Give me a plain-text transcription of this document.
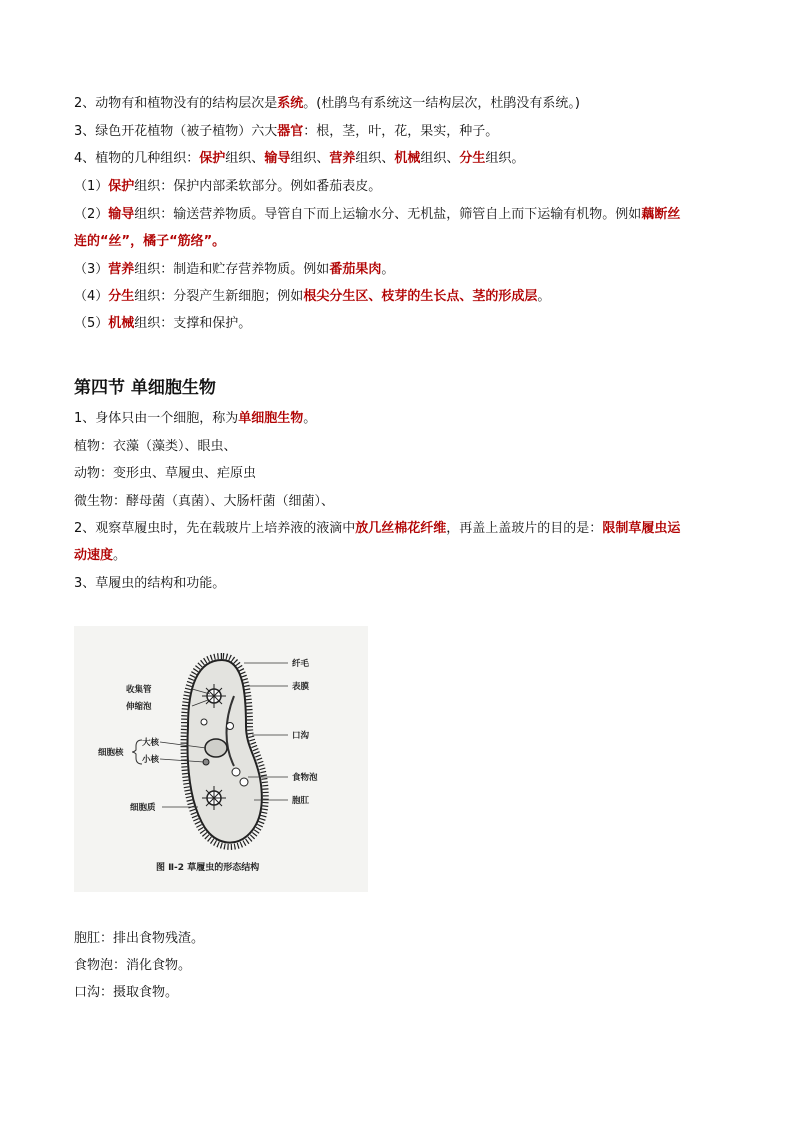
2、动物有和植物没有的结构层次是系统。(杜鹃鸟有系统这一结构层次，杜鹃没有系统。)
3、绿色开花植物（被子植物）六大器官：根，茎，叶，花，果实，种子。
4、植物的几种组织：保护组织、输导组织、营养组织、机械组织、分生组织。
（1）保护组织：保护内部柔软部分。例如番茄表皮。
（2）输导组织：输送营养物质。导管自下而上运输水分、无机盐，筛管自上而下运输有机物。例如藕断丝
连的“丝”，橘子“筋络”。
（3）营养组织：制造和贮存营养物质。例如番茄果肉。
（4）分生组织：分裂产生新细胞；例如根尖分生区、枝芽的生长点、茎的形成层。
（5）机械组织：支撑和保护。
第四节 单细胞生物
1、身体只由一个细胞，称为单细胞生物。
植物：衣藻（藻类）、眼虫、
动物：变形虫、草履虫、疟原虫
微生物：酵母菌（真菌）、大肠杆菌（细菌）、
2、观察草履虫时，先在载玻片上培养液的液滴中放几丝棉花纤维，再盖上盖玻片的目的是：限制草履虫运
动速度。
3、草履虫的结构和功能。
纤毛
表膜
口沟
食物泡
胞肛
收集管
伸缩泡
大核
小核
细胞核
细胞质
图 Ⅱ-2 草履虫的形态结构
胞肛：排出食物残渣。
食物泡：消化食物。
口沟：摄取食物。
